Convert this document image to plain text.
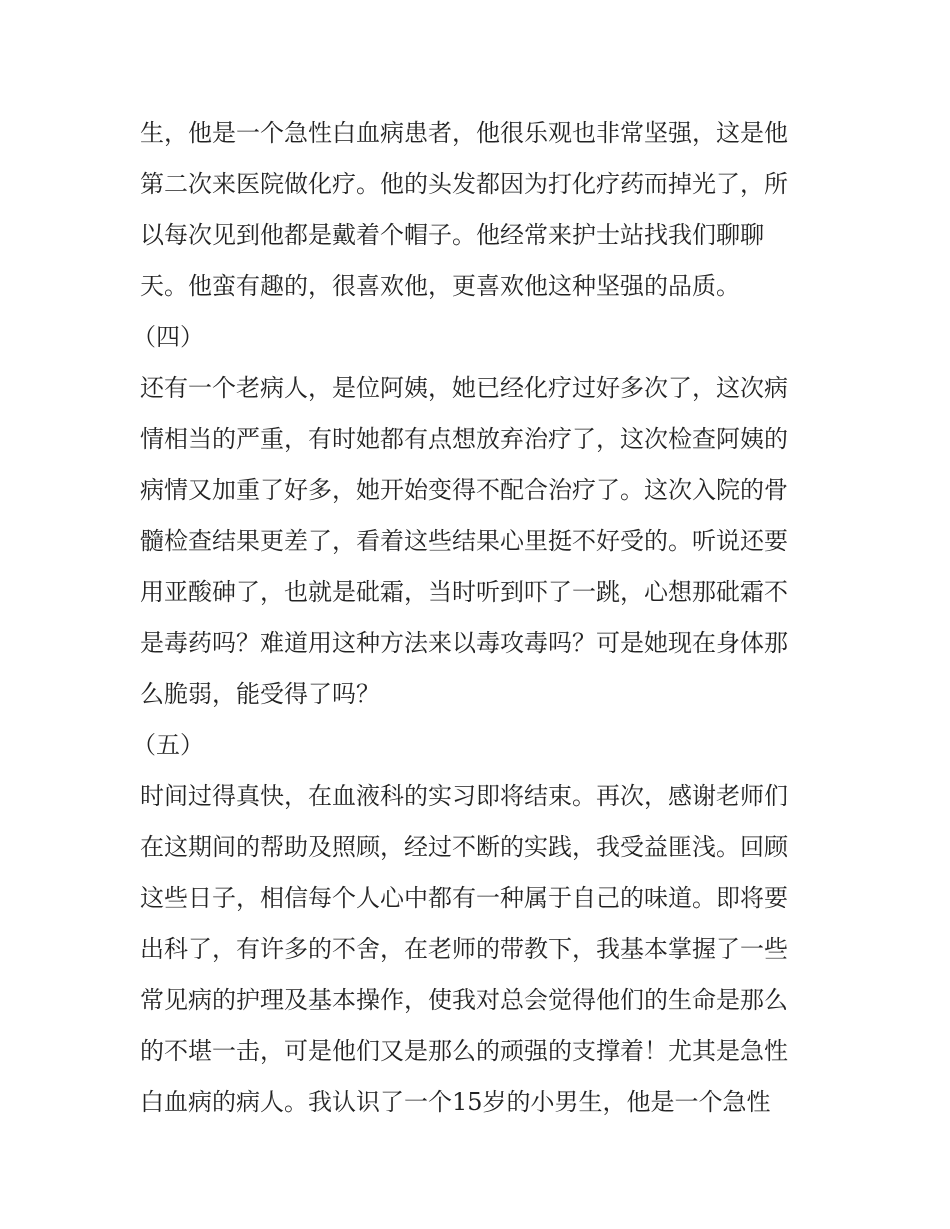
生，他是一个急性白血病患者，他很乐观也非常坚强，这是他
第二次来医院做化疗。他的头发都因为打化疗药而掉光了，所
以每次见到他都是戴着个帽子。他经常来护士站找我们聊聊
天。他蛮有趣的，很喜欢他，更喜欢他这种坚强的品质。
（四）
还有一个老病人，是位阿姨，她已经化疗过好多次了，这次病
情相当的严重，有时她都有点想放弃治疗了，这次检查阿姨的
病情又加重了好多，她开始变得不配合治疗了。这次入院的骨
髓检查结果更差了，看着这些结果心里挺不好受的。听说还要
用亚酸砷了，也就是砒霜，当时听到吓了一跳，心想那砒霜不
是毒药吗？难道用这种方法来以毒攻毒吗？可是她现在身体那
么脆弱，能受得了吗？
（五）
时间过得真快，在血液科的实习即将结束。再次，感谢老师们
在这期间的帮助及照顾，经过不断的实践，我受益匪浅。回顾
这些日子，相信每个人心中都有一种属于自己的味道。即将要
出科了，有许多的不舍，在老师的带教下，我基本掌握了一些
常见病的护理及基本操作，使我对总会觉得他们的生命是那么
的不堪一击，可是他们又是那么的顽强的支撑着！尤其是急性
白血病的病人。我认识了一个15岁的小男生，他是一个急性
